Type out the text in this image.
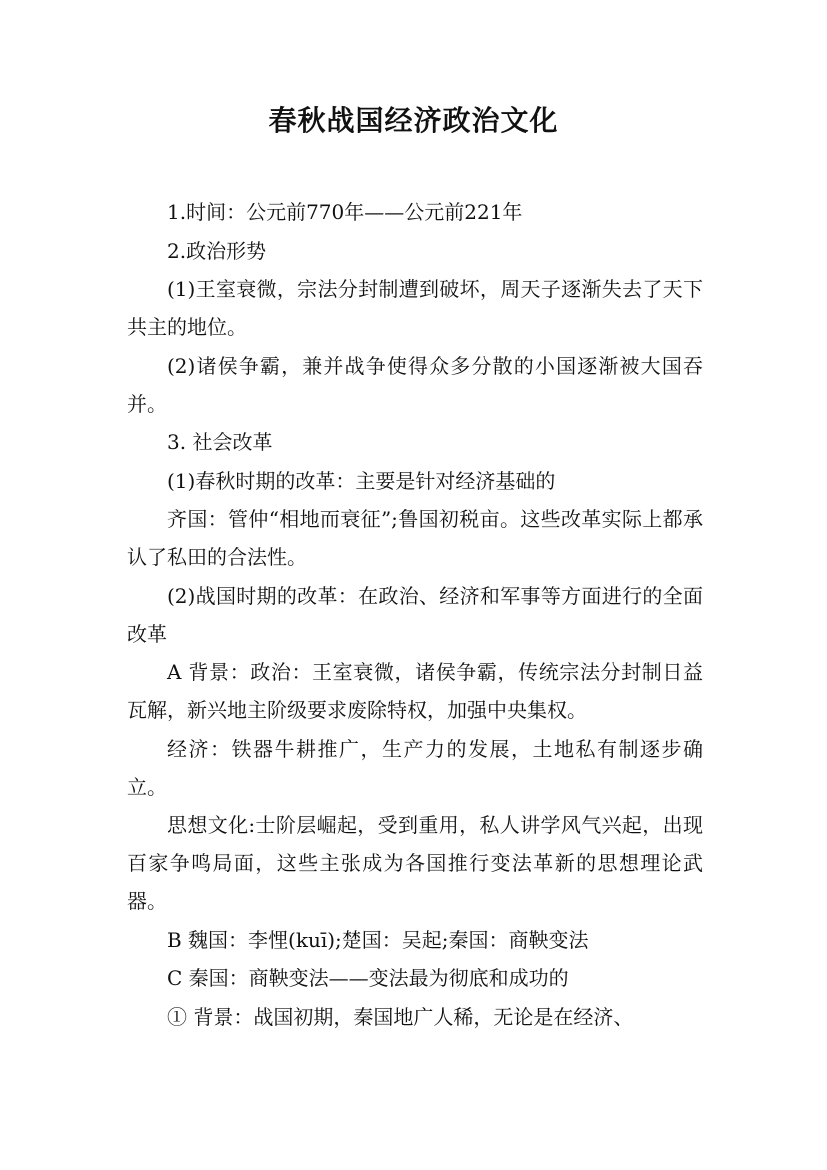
春秋战国经济政治文化

1.时间：公元前770年——公元前221年

2.政治形势

(1)王室衰微，宗法分封制遭到破坏，周天子逐渐失去了天下共主的地位。

(2)诸侯争霸，兼并战争使得众多分散的小国逐渐被大国吞并。

3. 社会改革

(1)春秋时期的改革：主要是针对经济基础的

齐国：管仲“相地而衰征”;鲁国初税亩。这些改革实际上都承认了私田的合法性。

(2)战国时期的改革：在政治、经济和军事等方面进行的全面改革

A 背景：政治：王室衰微，诸侯争霸，传统宗法分封制日益瓦解，新兴地主阶级要求废除特权，加强中央集权。

经济：铁器牛耕推广，生产力的发展，土地私有制逐步确立。

思想文化:士阶层崛起，受到重用，私人讲学风气兴起，出现百家争鸣局面，这些主张成为各国推行变法革新的思想理论武器。

B 魏国：李悝(kuī);楚国：吴起;秦国：商鞅变法

C 秦国：商鞅变法——变法最为彻底和成功的

① 背景：战国初期，秦国地广人稀，无论是在经济、
